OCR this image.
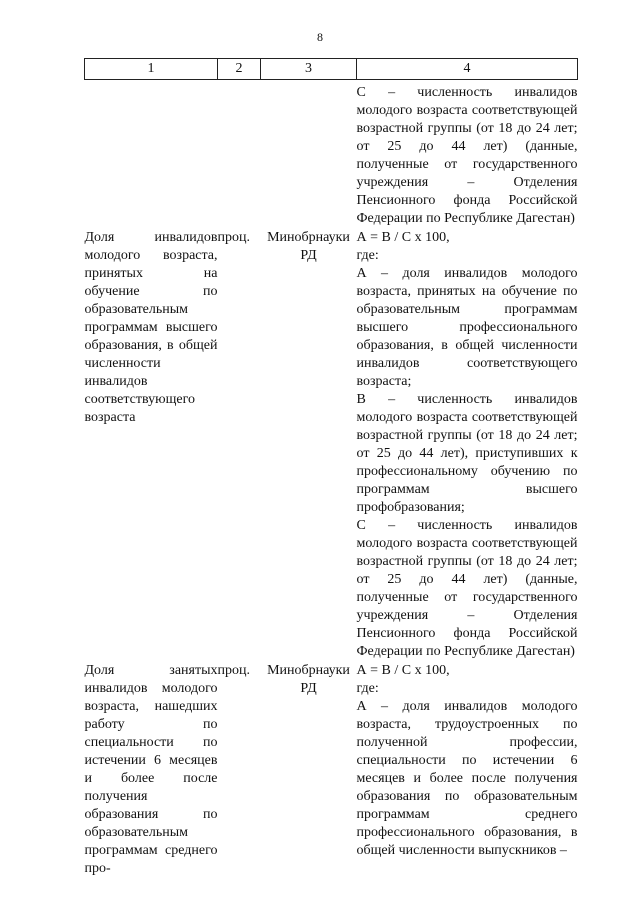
8
1	2	3	4

			С – численность инвалидов молодого возраста соответствующей возрастной группы (от 18 до 24 лет; от 25 до 44 лет) (данные, полученные от государственного учреждения – Отделения Пенсионного фонда Российской Федерации по Республике Дагестан)

Доля инвалидов молодого возраста, принятых на обучение по образовательным программам высшего образования, в общей численности инвалидов соответствующего возраста	проц.	Минобрнауки РД	А = В / С х 100,

где:

А – доля инвалидов молодого возраста, принятых на обучение по образовательным программам высшего профессионального образования, в общей численности инвалидов соответствующего возраста;

В – численность инвалидов молодого возраста соответствующей возрастной группы (от 18 до 24 лет; от 25 до 44 лет), приступивших к профессиональному обучению по программам высшего профобразования;

С – численность инвалидов молодого возраста соответствующей возрастной группы (от 18 до 24 лет; от 25 до 44 лет) (данные, полученные от государственного учреждения – Отделения Пенсионного фонда Российской Федерации по Республике Дагестан)

Доля занятых инвалидов молодого возраста, нашедших работу по специальности по истечении 6 месяцев и более после получения образования по образовательным программам среднего про-	проц.	Минобрнауки РД	А = В / С х 100,

где:

А – доля инвалидов молодого возраста, трудоустроенных по полученной профессии, специальности по истечении 6 месяцев и более после получения образования по образовательным программам среднего профессионального образования, в общей численности выпускников –
